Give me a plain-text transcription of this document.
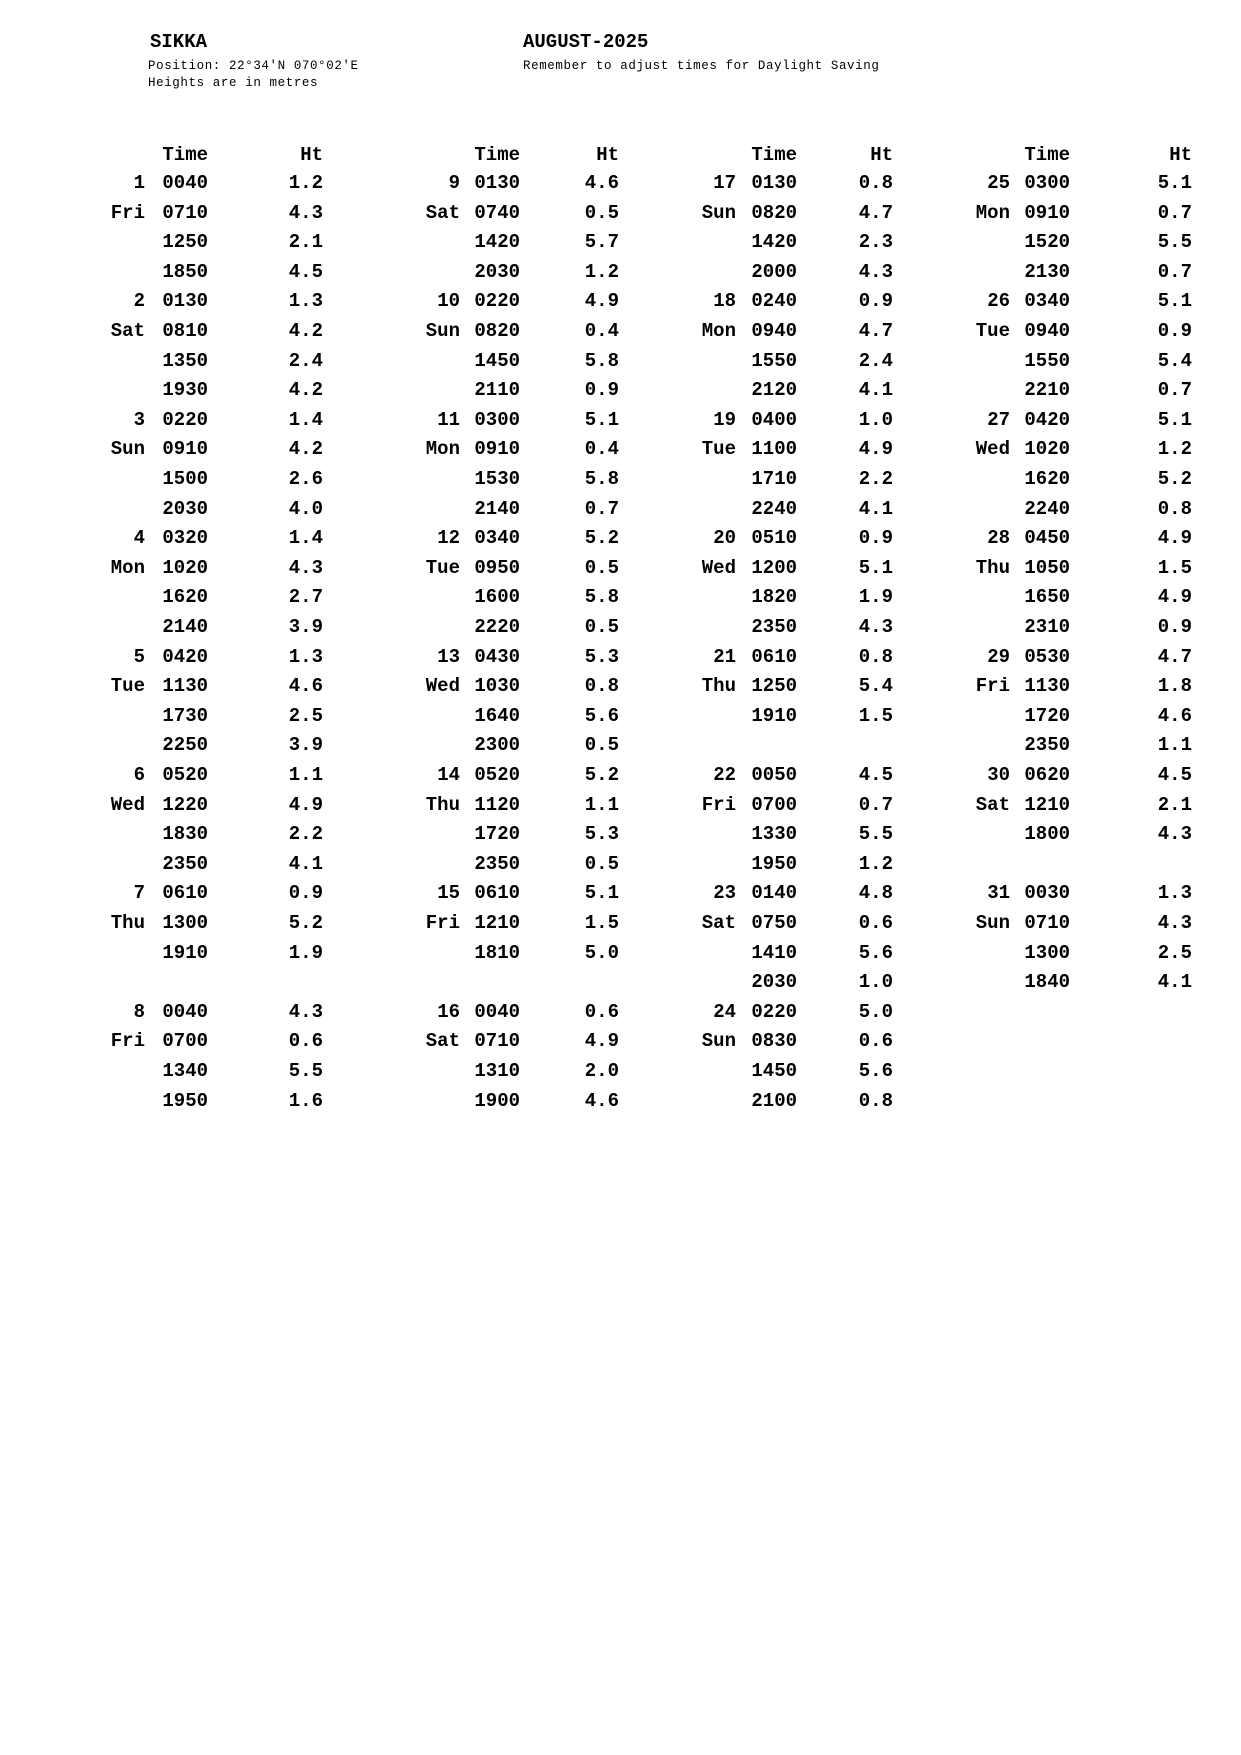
SIKKA
Position: 22°34'N 070°02'E
Heights are in metres
AUGUST-2025
Remember to adjust times for Daylight Saving
Time	Ht
1
Fri
0040	1.2
0710	4.3
1250	2.1
1850	4.5
2
Sat
0130	1.3
0810	4.2
1350	2.4
1930	4.2
3
Sun
0220	1.4
0910	4.2
1500	2.6
2030	4.0
4
Mon
0320	1.4
1020	4.3
1620	2.7
2140	3.9
5
Tue
0420	1.3
1130	4.6
1730	2.5
2250	3.9
6
Wed
0520	1.1
1220	4.9
1830	2.2
2350	4.1
7
Thu
0610	0.9
1300	5.2
1910	1.9
8
Fri
0040	4.3
0700	0.6
1340	5.5
1950	1.6
Time	Ht
9
Sat
0130	4.6
0740	0.5
1420	5.7
2030	1.2
10
Sun
0220	4.9
0820	0.4
1450	5.8
2110	0.9
11
Mon
0300	5.1
0910	0.4
1530	5.8
2140	0.7
12
Tue
0340	5.2
0950	0.5
1600	5.8
2220	0.5
13
Wed
0430	5.3
1030	0.8
1640	5.6
2300	0.5
14
Thu
0520	5.2
1120	1.1
1720	5.3
2350	0.5
15
Fri
0610	5.1
1210	1.5
1810	5.0
16
Sat
0040	0.6
0710	4.9
1310	2.0
1900	4.6
Time	Ht
17
Sun
0130	0.8
0820	4.7
1420	2.3
2000	4.3
18
Mon
0240	0.9
0940	4.7
1550	2.4
2120	4.1
19
Tue
0400	1.0
1100	4.9
1710	2.2
2240	4.1
20
Wed
0510	0.9
1200	5.1
1820	1.9
2350	4.3
21
Thu
0610	0.8
1250	5.4
1910	1.5
22
Fri
0050	4.5
0700	0.7
1330	5.5
1950	1.2
23
Sat
0140	4.8
0750	0.6
1410	5.6
2030	1.0
24
Sun
0220	5.0
0830	0.6
1450	5.6
2100	0.8
Time	Ht
25
Mon
0300	5.1
0910	0.7
1520	5.5
2130	0.7
26
Tue
0340	5.1
0940	0.9
1550	5.4
2210	0.7
27
Wed
0420	5.1
1020	1.2
1620	5.2
2240	0.8
28
Thu
0450	4.9
1050	1.5
1650	4.9
2310	0.9
29
Fri
0530	4.7
1130	1.8
1720	4.6
2350	1.1
30
Sat
0620	4.5
1210	2.1
1800	4.3
31
Sun
0030	1.3
0710	4.3
1300	2.5
1840	4.1
